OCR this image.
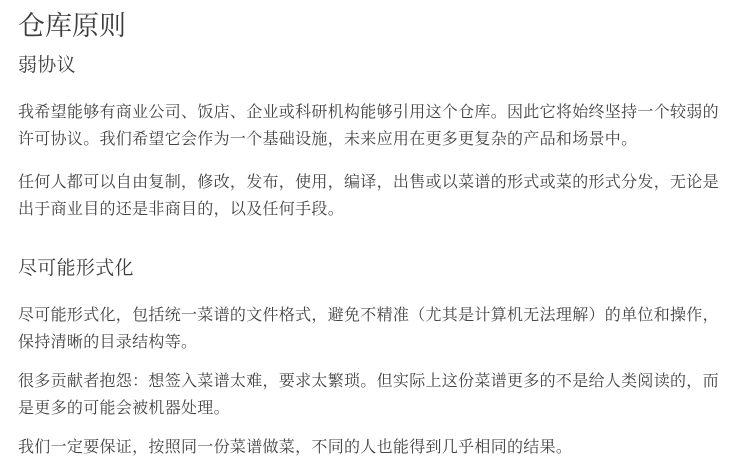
仓库原则
弱协议

我希望能够有商业公司、饭店、企业或科研机构能够引用这个仓库。因此它将始终坚持一个较弱的
许可协议。我们希望它会作为一个基础设施，未来应用在更多更复杂的产品和场景中。

任何人都可以自由复制，修改，发布，使用，编译，出售或以菜谱的形式或菜的形式分发，无论是
出于商业目的还是非商目的，以及任何手段。

尽可能形式化

尽可能形式化，包括统一菜谱的文件格式，避免不精准（尤其是计算机无法理解）的单位和操作，
保持清晰的目录结构等。

很多贡献者抱怨：想签入菜谱太难，要求太繁琐。但实际上这份菜谱更多的不是给人类阅读的，而
是更多的可能会被机器处理。

我们一定要保证，按照同一份菜谱做菜，不同的人也能得到几乎相同的结果。
